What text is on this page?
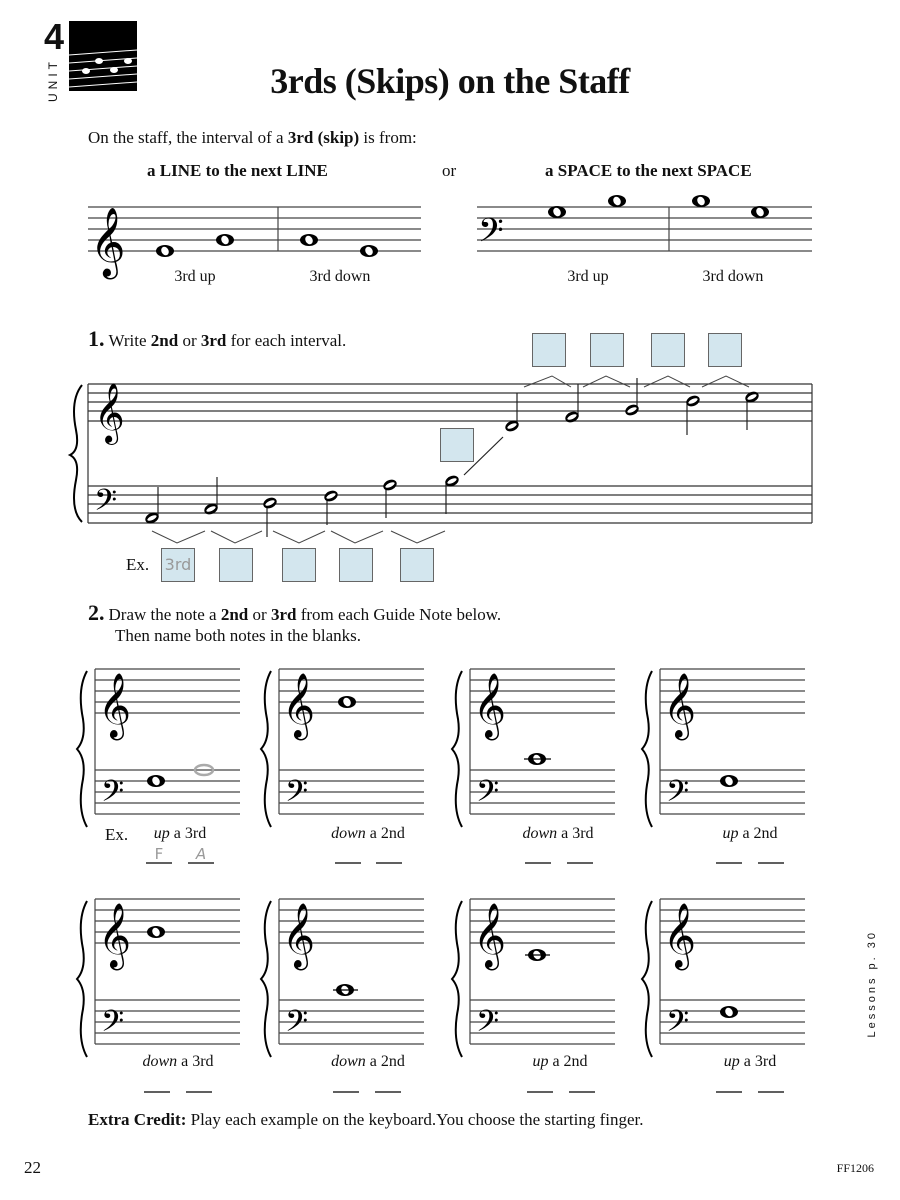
4
UNIT	3rds (Skips) on the Staff
On the staff, the interval of a 3rd (skip) is from:
a LINE to the next LINE	or	a SPACE to the next SPACE
𝄞	𝄢
𝄞
𝄢
𝄞
𝄢
3rd up	3rd down	3rd up	3rd down
1. Write 2nd or 3rd for each interval.
Ex. 3rd
2. Draw the note a 2nd or 3rd from each Guide Note below.
Then name both notes in the blanks.
Ex.	up a 3rd	down a 2nd	down a 3rd	up a 2nd
down a 3rd	down a 2nd	up a 2nd	up a 3rd
F	A
Extra Credit: Play each example on the keyboard.You choose the starting finger.
Lessons p. 30
22	FF1206
